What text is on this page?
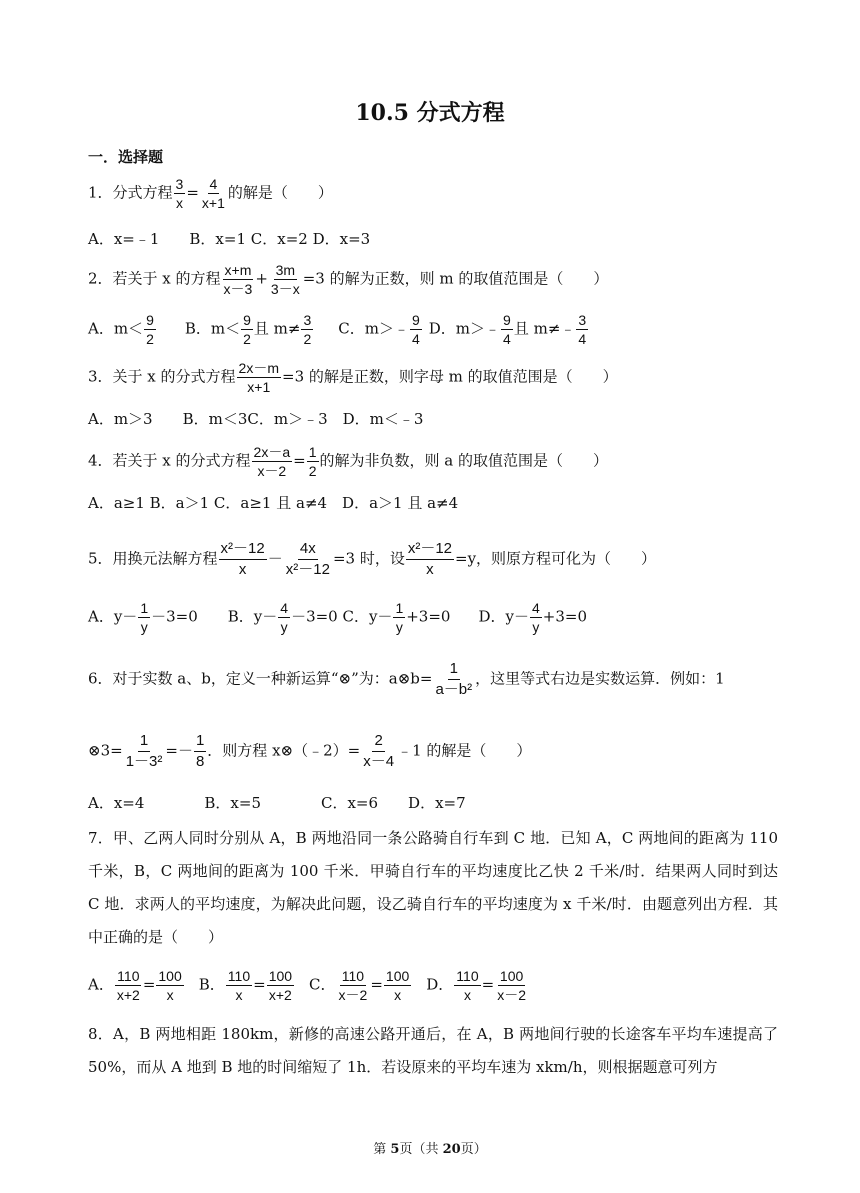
10.5 分式方程
一．选择题
1．分式方程 $\frac{3}{x} = \frac{4}{x+1}$ 的解是（　　）
A．x=﹣1　　B．x=1 C．x=2 D．x=3
2．若关于 x 的方程 $\frac{x+m}{x-3} + \frac{3m}{3-x} =3$ 的解为正数，则 m 的取值范围是（　　）
A．$m< \frac{9}{2}$ B．$m< \frac{9}{2}$ 且 $m\ne \frac{3}{2}$ C．m＞﹣ $\frac{9}{4}$ D．m＞﹣ $\frac{9}{4}$ 且 m≠﹣ $\frac{3}{4}$
3．关于 x 的分式方程 $\frac{2x-m}{x+1} =3$ 的解是正数，则字母 m 的取值范围是（　　）
A．m＞3　　B．m＜3C．m＞﹣3　D．m＜﹣3
4．若关于 x 的分式方程 $\frac{2x-a}{x-2} = \frac{1}{2}$ 的解为非负数，则 a 的取值范围是（　　）
A．a≥1 B．a＞1 C．a≥1 且 a≠4　D．a＞1 且 a≠4
5．用换元法解方程 $\frac{\text{x²－12}}{x} - \frac{4x}{\text{x²－12}} =3$ 时，设 $\frac{\text{x²－12}}{x} =y$，则原方程可化为（　　）
A．$y- \frac{1}{y} -3=0$ B．$y- \frac{4}{y} -3=0$ C．$y- \frac{1}{y} +3=0$ D．$y- \frac{4}{y} +3=0$
6．对于实数 a、b，定义一种新运算“⊗”为：a⊗b= $\frac{1}{\text{a－b²}}$ ，这里等式右边是实数运算．例如：1
⊗3= $\frac{1}{\text{1－3²}} =- \frac{1}{8}$ ．则方程 x⊗（﹣2）= $\frac{2}{x-4}$ ﹣1 的解是（　　）
A．x=4　　　　B．x=5　　　　C．x=6　　D．x=7
7．甲、乙两人同时分别从 A，B 两地沿同一条公路骑自行车到 C 地．已知 A，C 两地间的距离为 110 千米，B，C 两地间的距离为 100 千米．甲骑自行车的平均速度比乙快 2 千米/时．结果两人同时到达 C 地．求两人的平均速度，为解决此问题，设乙骑自行车的平均速度为 x 千米/时．由题意列出方程．其中正确的是（　　）
A． $\frac{110}{x+2} = \frac{100}{x}$ B． $\frac{110}{x} = \frac{100}{x+2}$ C． $\frac{110}{x-2} = \frac{100}{x}$ D． $\frac{110}{x} = \frac{100}{x-2}$
8．A，B 两地相距 180km，新修的高速公路开通后，在 A，B 两地间行驶的长途客车平均车速提高了 50%，而从 A 地到 B 地的时间缩短了 1h．若设原来的平均车速为 xkm/h，则根据题意可列方
第 5页（共 20页）
